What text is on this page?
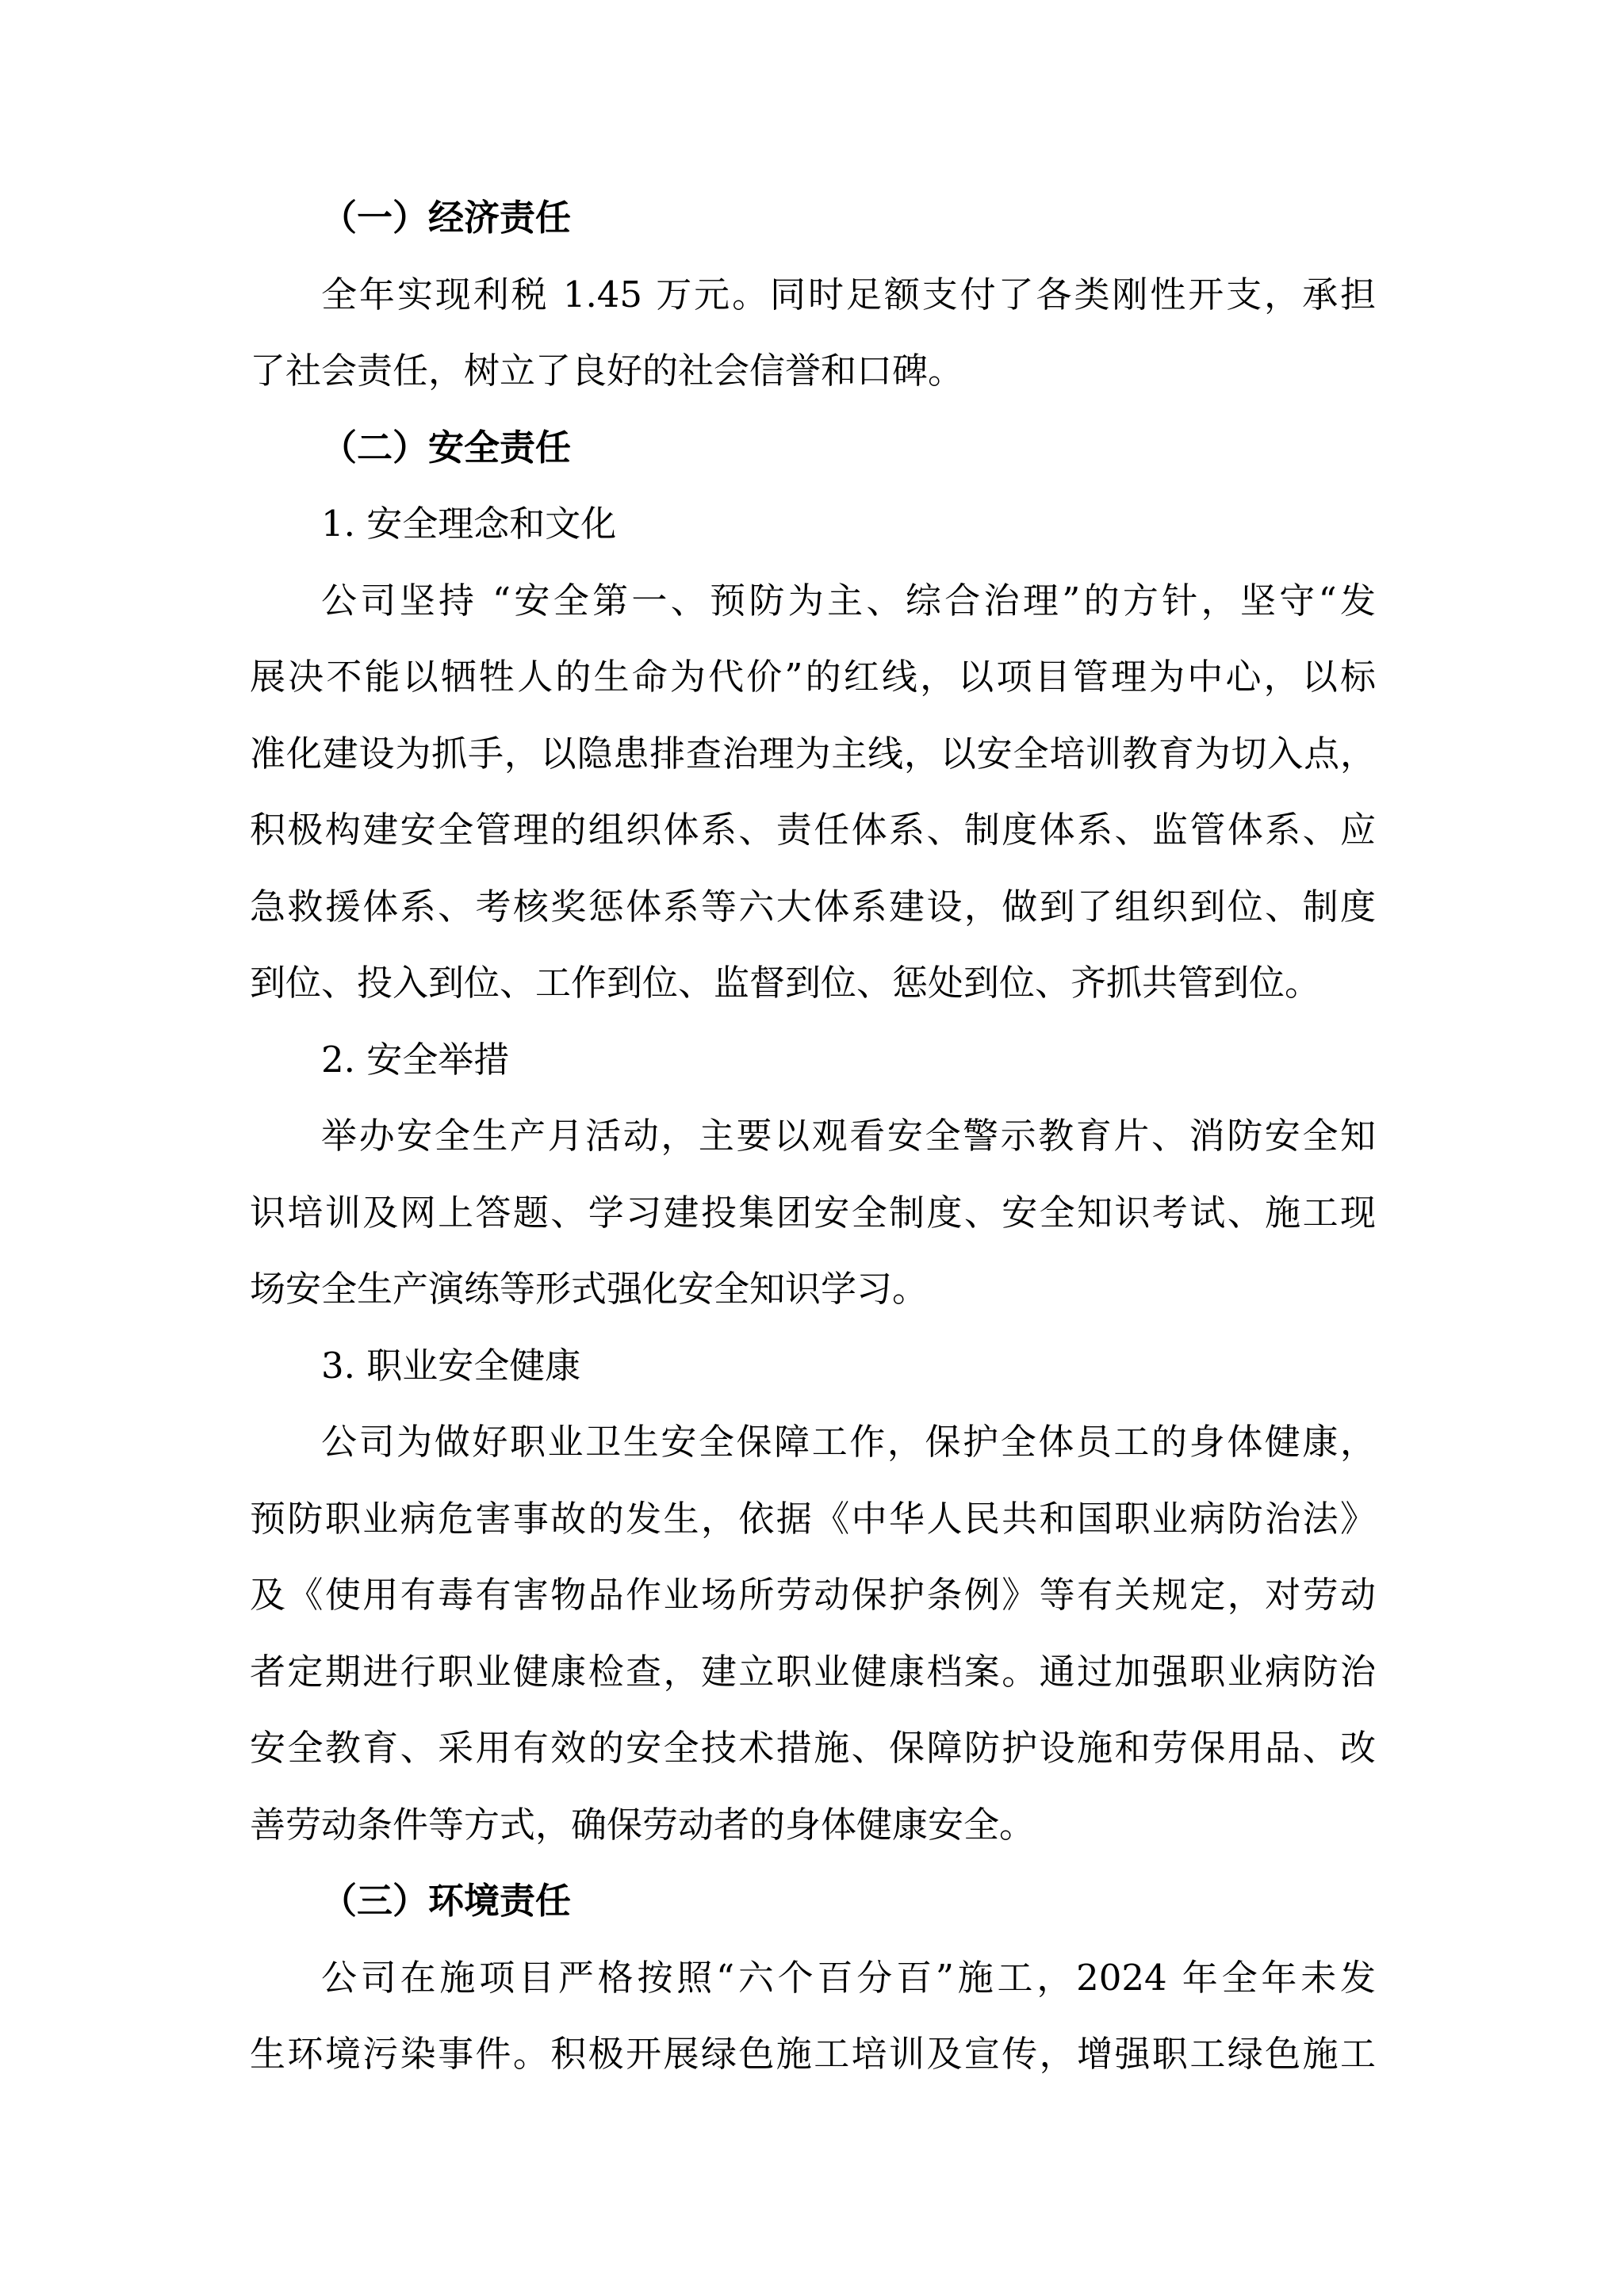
（一）经济责任
全年实现利税 1.45 万元。同时足额支付了各类刚性开支，承担
了社会责任，树立了良好的社会信誉和口碑。
（二）安全责任
1. 安全理念和文化
公司坚持 “安全第一、预防为主、综合治理”的方针，坚守“发
展决不能以牺牲人的生命为代价”的红线，以项目管理为中心，以标
准化建设为抓手，以隐患排查治理为主线，以安全培训教育为切入点，
积极构建安全管理的组织体系、责任体系、制度体系、监管体系、应
急救援体系、考核奖惩体系等六大体系建设，做到了组织到位、制度
到位、投入到位、工作到位、监督到位、惩处到位、齐抓共管到位。
2. 安全举措
举办安全生产月活动，主要以观看安全警示教育片、消防安全知
识培训及网上答题、学习建投集团安全制度、安全知识考试、施工现
场安全生产演练等形式强化安全知识学习。
3. 职业安全健康
公司为做好职业卫生安全保障工作，保护全体员工的身体健康，
预防职业病危害事故的发生，依据《中华人民共和国职业病防治法》
及《使用有毒有害物品作业场所劳动保护条例》等有关规定，对劳动
者定期进行职业健康检查，建立职业健康档案。通过加强职业病防治
安全教育、采用有效的安全技术措施、保障防护设施和劳保用品、改
善劳动条件等方式，确保劳动者的身体健康安全。
（三）环境责任
公司在施项目严格按照“六个百分百”施工，2024 年全年未发
生环境污染事件。积极开展绿色施工培训及宣传，增强职工绿色施工
